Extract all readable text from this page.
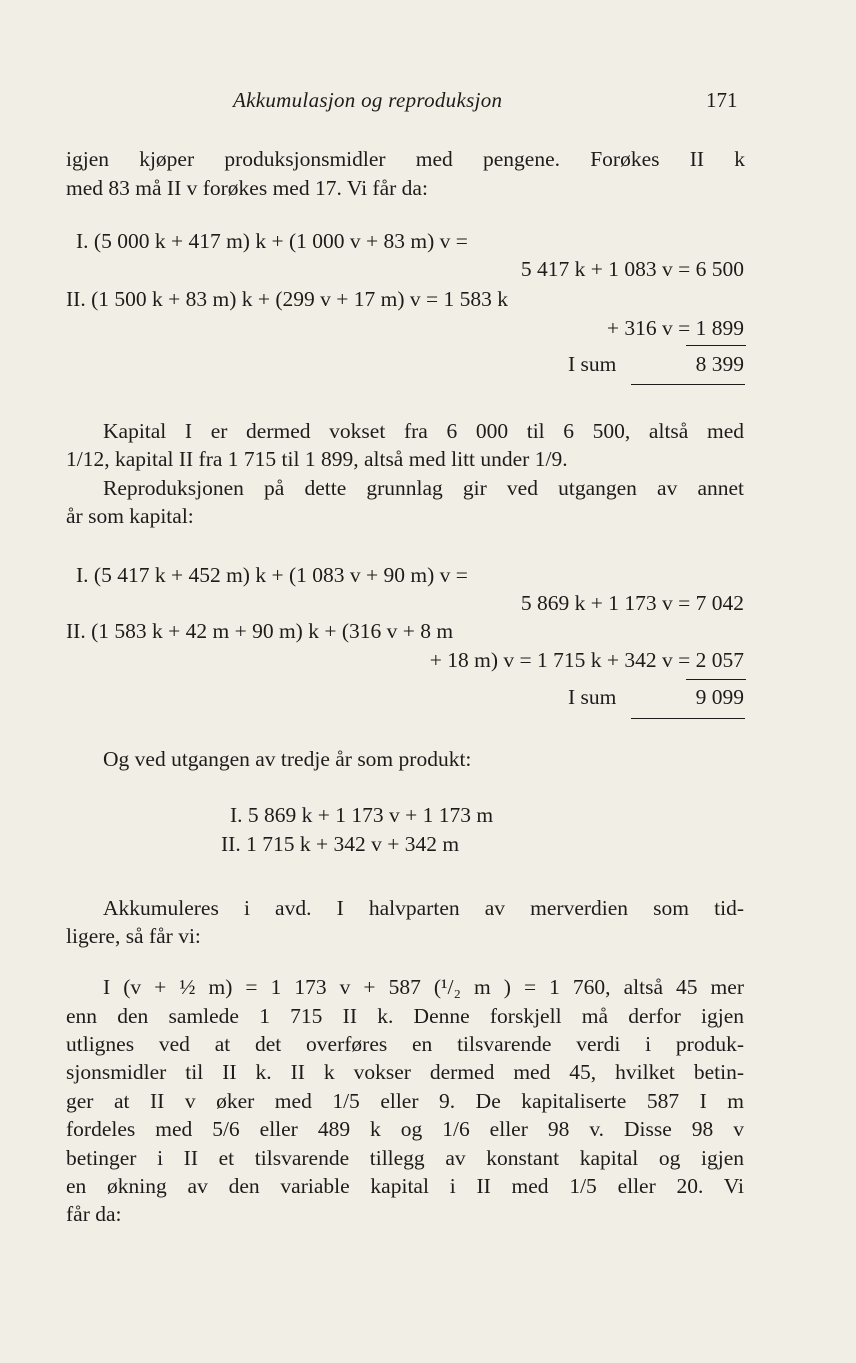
Akkumulasjon og reproduksjon	171
igjen kjøper produksjonsmidler med pengene. Forøkes II k
med 83 må II v forøkes med 17. Vi får da:
I. (5 000 k + 417 m) k + (1 000 v + 83 m) v =
5 417 k + 1 083 v = 6 500
II. (1 500 k + 83 m) k + (299 v + 17 m) v = 1 583 k
+ 316 v = 1 899
I sum	8 399
Kapital I er dermed vokset fra 6 000 til 6 500, altså med
1/12, kapital II fra 1 715 til 1 899, altså med litt under 1/9.
Reproduksjonen på dette grunnlag gir ved utgangen av annet
år som kapital:
I. (5 417 k + 452 m) k + (1 083 v + 90 m) v =
5 869 k + 1 173 v = 7 042
II. (1 583 k + 42 m + 90 m) k + (316 v + 8 m
+ 18 m) v = 1 715 k + 342 v = 2 057
I sum	9 099
Og ved utgangen av tredje år som produkt:
I. 5 869 k + 1 173 v + 1 173 m
II. 1 715 k + 342 v + 342 m
Akkumuleres i avd. I halvparten av merverdien som tid-
ligere, så får vi:
I (v + ½ m) = 1 173 v + 587 (¹/₂ m ) = 1 760, altså 45 mer
enn den samlede 1 715 II k. Denne forskjell må derfor igjen
utlignes ved at det overføres en tilsvarende verdi i produk-
sjonsmidler til II k. II k vokser dermed med 45, hvilket betin-
ger at II v øker med 1/5 eller 9. De kapitaliserte 587 I m
fordeles med 5/6 eller 489 k og 1/6 eller 98 v. Disse 98 v
betinger i II et tilsvarende tillegg av konstant kapital og igjen
en økning av den variable kapital i II med 1/5 eller 20. Vi
får da:
